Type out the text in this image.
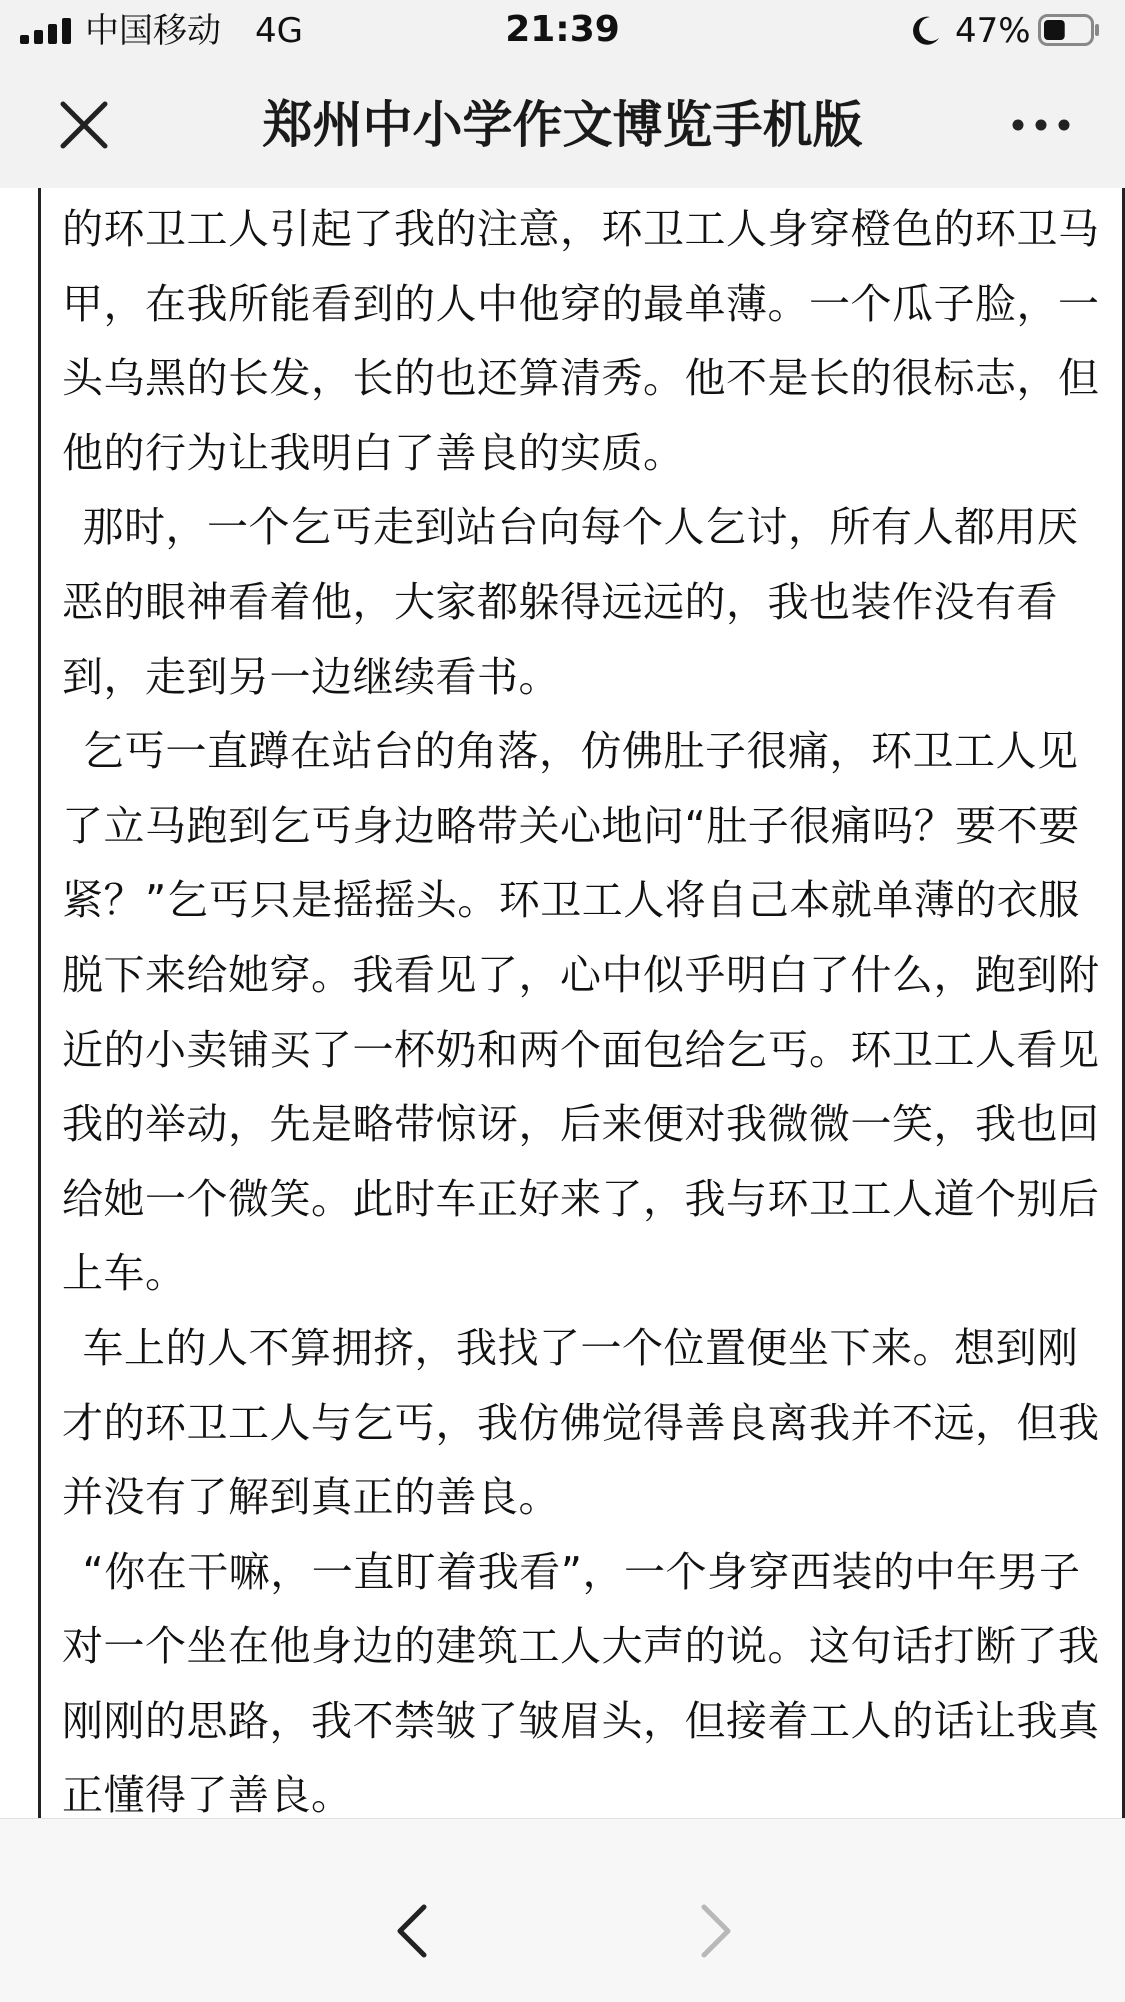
中国移动 4G	21:39	47%
郑州中小学作文博览手机版

的环卫工人引起了我的注意，环卫工人身穿橙色的环卫马甲，在我所能看到的人中他穿的最单薄。一个瓜子脸，一头乌黑的长发，长的也还算清秀。他不是长的很标志，但他的行为让我明白了善良的实质。

那时，一个乞丐走到站台向每个人乞讨，所有人都用厌恶的眼神看着他，大家都躲得远远的，我也装作没有看到，走到另一边继续看书。

乞丐一直蹲在站台的角落，仿佛肚子很痛，环卫工人见了立马跑到乞丐身边略带关心地问“肚子很痛吗？要不要紧？”乞丐只是摇摇头。环卫工人将自己本就单薄的衣服脱下来给她穿。我看见了，心中似乎明白了什么，跑到附近的小卖铺买了一杯奶和两个面包给乞丐。环卫工人看见我的举动，先是略带惊讶，后来便对我微微一笑，我也回给她一个微笑。此时车正好来了，我与环卫工人道个别后上车。

车上的人不算拥挤，我找了一个位置便坐下来。想到刚才的环卫工人与乞丐，我仿佛觉得善良离我并不远，但我并没有了解到真正的善良。

“你在干嘛，一直盯着我看”，一个身穿西装的中年男子对一个坐在他身边的建筑工人大声的说。这句话打断了我刚刚的思路，我不禁皱了皱眉头，但接着工人的话让我真正懂得了善良。
